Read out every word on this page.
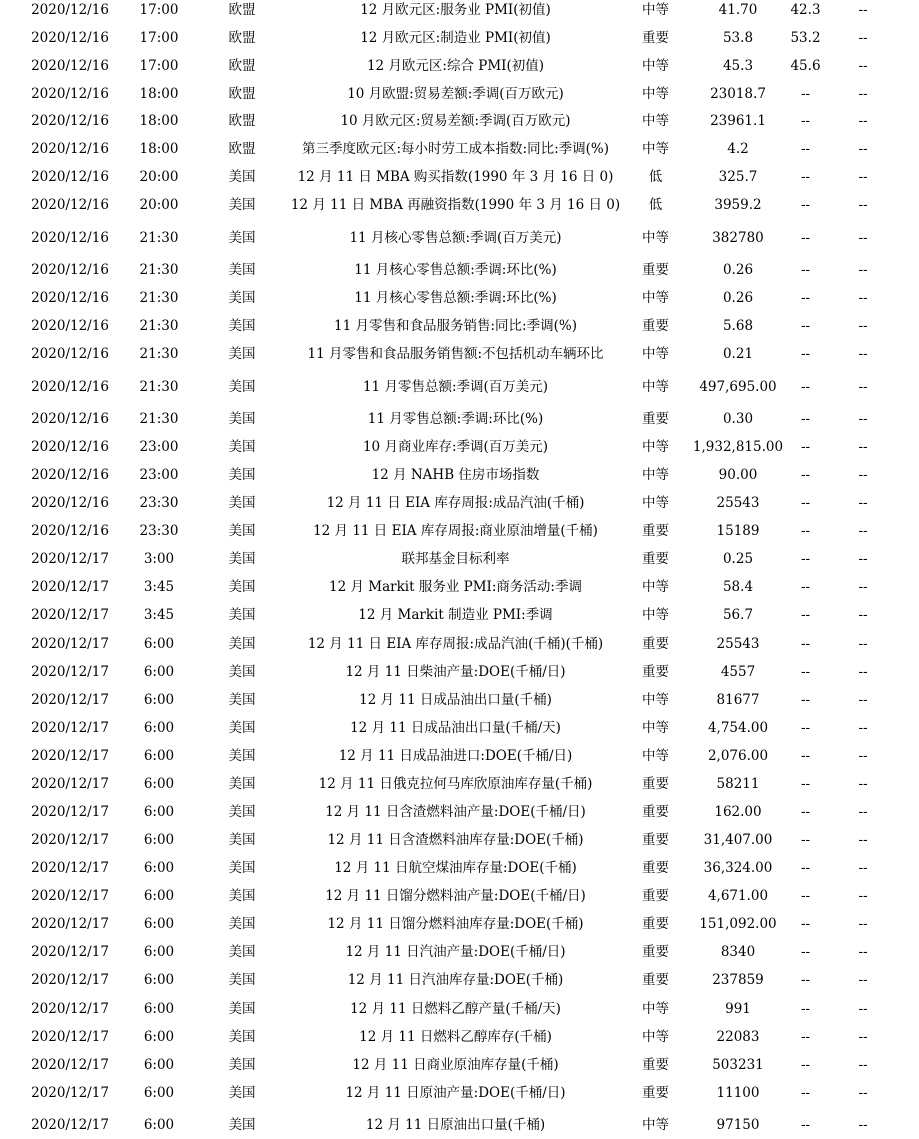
2020/12/16	17:00	欧盟	12 月欧元区:服务业 PMI(初值)	中等	41.70	42.3	--
2020/12/16	17:00	欧盟	12 月欧元区:制造业 PMI(初值)	重要	53.8	53.2	--
2020/12/16	17:00	欧盟	12 月欧元区:综合 PMI(初值)	中等	45.3	45.6	--
2020/12/16	18:00	欧盟	10 月欧盟:贸易差额:季调(百万欧元)	中等	23018.7	--	--
2020/12/16	18:00	欧盟	10 月欧元区:贸易差额:季调(百万欧元)	中等	23961.1	--	--
2020/12/16	18:00	欧盟	第三季度欧元区:每小时劳工成本指数:同比:季调(%)	中等	4.2	--	--
2020/12/16	20:00	美国	12 月 11 日 MBA 购买指数(1990 年 3 月 16 日 0)	低	325.7	--	--
2020/12/16	20:00	美国	12 月 11 日 MBA 再融资指数(1990 年 3 月 16 日 0)	低	3959.2	--	--
2020/12/16	21:30	美国	11 月核心零售总额:季调(百万美元)	中等	382780	--	--
2020/12/16	21:30	美国	11 月核心零售总额:季调:环比(%)	重要	0.26	--	--
2020/12/16	21:30	美国	11 月核心零售总额:季调:环比(%)	中等	0.26	--	--
2020/12/16	21:30	美国	11 月零售和食品服务销售:同比:季调(%)	重要	5.68	--	--
2020/12/16	21:30	美国	11 月零售和食品服务销售额:不包括机动车辆环比	中等	0.21	--	--
2020/12/16	21:30	美国	11 月零售总额:季调(百万美元)	中等	497,695.00	--	--
2020/12/16	21:30	美国	11 月零售总额:季调:环比(%)	重要	0.30	--	--
2020/12/16	23:00	美国	10 月商业库存:季调(百万美元)	中等	1,932,815.00	--	--
2020/12/16	23:00	美国	12 月 NAHB 住房市场指数	中等	90.00	--	--
2020/12/16	23:30	美国	12 月 11 日 EIA 库存周报:成品汽油(千桶)	中等	25543	--	--
2020/12/16	23:30	美国	12 月 11 日 EIA 库存周报:商业原油增量(千桶)	重要	15189	--	--
2020/12/17	3:00	美国	联邦基金目标利率	重要	0.25	--	--
2020/12/17	3:45	美国	12 月 Markit 服务业 PMI:商务活动:季调	中等	58.4	--	--
2020/12/17	3:45	美国	12 月 Markit 制造业 PMI:季调	中等	56.7	--	--
2020/12/17	6:00	美国	12 月 11 日 EIA 库存周报:成品汽油(千桶)(千桶)	重要	25543	--	--
2020/12/17	6:00	美国	12 月 11 日柴油产量:DOE(千桶/日)	重要	4557	--	--
2020/12/17	6:00	美国	12 月 11 日成品油出口量(千桶)	中等	81677	--	--
2020/12/17	6:00	美国	12 月 11 日成品油出口量(千桶/天)	中等	4,754.00	--	--
2020/12/17	6:00	美国	12 月 11 日成品油进口:DOE(千桶/日)	中等	2,076.00	--	--
2020/12/17	6:00	美国	12 月 11 日俄克拉何马库欣原油库存量(千桶)	重要	58211	--	--
2020/12/17	6:00	美国	12 月 11 日含渣燃料油产量:DOE(千桶/日)	重要	162.00	--	--
2020/12/17	6:00	美国	12 月 11 日含渣燃料油库存量:DOE(千桶)	重要	31,407.00	--	--
2020/12/17	6:00	美国	12 月 11 日航空煤油库存量:DOE(千桶)	重要	36,324.00	--	--
2020/12/17	6:00	美国	12 月 11 日馏分燃料油产量:DOE(千桶/日)	重要	4,671.00	--	--
2020/12/17	6:00	美国	12 月 11 日馏分燃料油库存量:DOE(千桶)	重要	151,092.00	--	--
2020/12/17	6:00	美国	12 月 11 日汽油产量:DOE(千桶/日)	重要	8340	--	--
2020/12/17	6:00	美国	12 月 11 日汽油库存量:DOE(千桶)	重要	237859	--	--
2020/12/17	6:00	美国	12 月 11 日燃料乙醇产量(千桶/天)	中等	991	--	--
2020/12/17	6:00	美国	12 月 11 日燃料乙醇库存(千桶)	中等	22083	--	--
2020/12/17	6:00	美国	12 月 11 日商业原油库存量(千桶)	重要	503231	--	--
2020/12/17	6:00	美国	12 月 11 日原油产量:DOE(千桶/日)	重要	11100	--	--
2020/12/17	6:00	美国	12 月 11 日原油出口量(千桶)	中等	97150	--	--
